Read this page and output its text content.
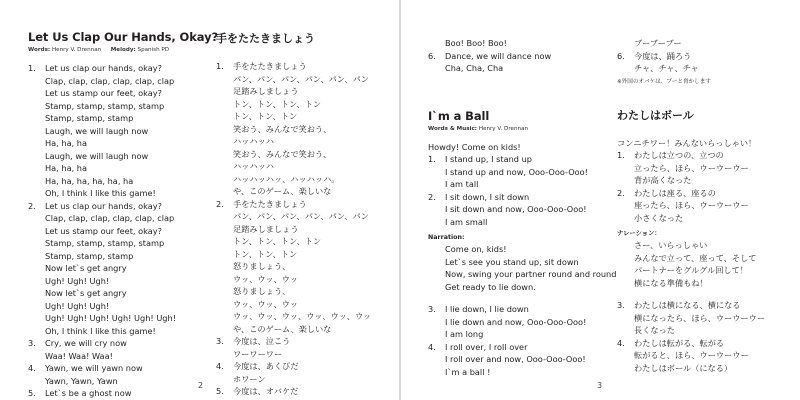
Let Us Clap Our Hands, Okay?
Words: Henry V. Drennan Melody: Spanish PD
1.	Let us clap our hands, okay?
Clap, clap, clap, clap, clap, clap
Let us stamp our feet, okay?
Stamp, stamp, stamp, stamp
Stamp, stamp, stamp
Laugh, we will laugh now
Ha, ha, ha
Laugh, we will laugh now
Ha, ha, ha
Ha, ha, ha, ha, ha, ha
Oh, I think I like this game!
2.	Let us clap our hands, okay?
Clap, clap, clap, clap, clap, clap
Let us stamp our feet, okay?
Stamp, stamp, stamp, stamp
Stamp, stamp, stamp
Now let`s get angry
Ugh! Ugh! Ugh!
Now let`s get angry
Ugh! Ugh! Ugh!
Ugh! Ugh! Ugh! Ugh! Ugh! Ugh!
Oh, I think I like this game!
3.	Cry, we will cry now
Waa! Waa! Waa!
4.	Yawn, we will yawn now
Yawn, Yawn, Yawn
5.	Let`s be a ghost now
手をたたきましょう
1.	手をたたきましょう
パン、パン、パン、パン、パン、パン
足踏みしましょう
トン、トン、トン、トン
トン、トン、トン
笑おう、みんなで笑おう、
ハッハッハ
笑おう、みんなで笑おう、
ハッハッハ
ハッハッハッ、ハッハッハ。
や、このゲーム、楽しいな
2.	手をたたきましょう
パン、パン、パン、パン、パン、パン
足踏みしましょう
トン、トン、トン、トン
トン、トン、トン
怒りましょう、
ウッ、ウッ、ウッ
怒りましょう、
ウッ、ウッ、ウッ
ウッ、ウッ、ウッ、ウッ、ウッ、ウッ
や、このゲーム、楽しいな
3.	今度は、泣こう
ワーワーワー
4.	今度は、あくびだ
ホワーン
5.	今度は、オバケだ
2
Boo! Boo! Boo!
6.	Dance, we will dance now
Cha, Cha, Cha
I`m a Ball
Words & Music: Henry V. Drennan
Howdy! Come on kids!
1.	I stand up, I stand up
I stand up and now, Ooo-Ooo-Ooo!
I am tall
2.	I sit down, I sit down
I sit down and now, Ooo-Ooo-Ooo!
I am small
Narration:
Come on, kids!
Let`s see you stand up, sit down
Now, swing your partner round and round
Get ready to lie down.
3.	I lie down, I lie down
I lie down and now, Ooo-Ooo-Ooo!
I am long
4.	I roll over, I roll over
I roll over and now, Ooo-Ooo-Ooo!
I`m a ball !
ブーブーブー
6.	今度は、踊ろう
チャ、チャ、チャ
※外国のオバケは、ブーと脅かします
わたしはボール
コンニチワー！みんないらっしゃい！
1.	わたしは立つの、立つの
立ったら、ほら、ウーウーウー
背が高くなった
2.	わたしは座る、座るの
座ったら、ほら、ウーウーウー
小さくなった
ナレーション：
さー、いらっしゃい
みんなで立って、座って、そして
パートナーをグルグル回して！
横になる準備もね！
3.	わたしは横になる、横になる
横になったら、ほら、ウーウーウー
長くなった
4.	わたしは転がる、転がる
転がると、ほら、ウーウーウー
わたしはボール（になる）
3
